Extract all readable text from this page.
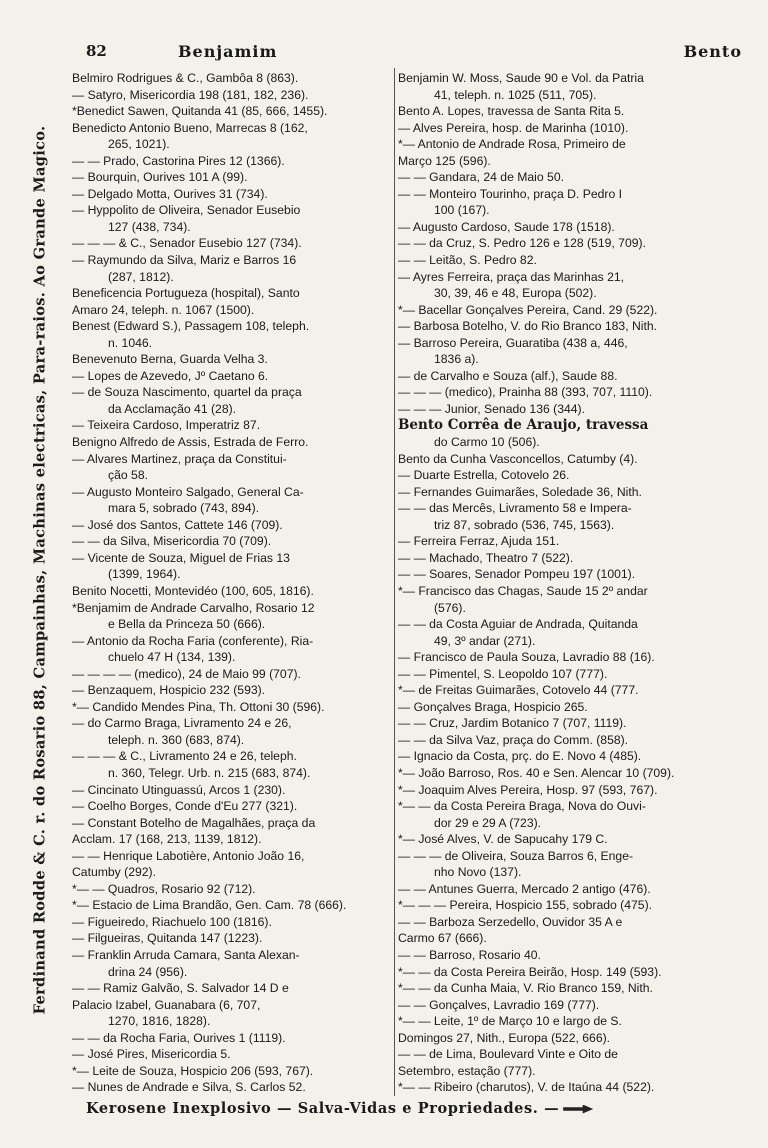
Ferdinand Rodde & C. r. do Rosario 88, Campainhas, Machinas electricas, Para-raios. Ao Grande Magico.
82	Benjamim	Bento
Belmiro Rodrigues & C., Gambôa 8 (863).
— Satyro, Misericordia 198 (181, 182, 236).
*Benedict Sawen, Quitanda 41 (85, 666, 1455).
Benedicto Antonio Bueno, Marrecas 8 (162,
265, 1021).
— — Prado, Castorina Pires 12 (1366).
— Bourquin, Ourives 101 A (99).
— Delgado Motta, Ourives 31 (734).
— Hyppolito de Oliveira, Senador Eusebio
127 (438, 734).
— — — & C., Senador Eusebio 127 (734).
— Raymundo da Silva, Mariz e Barros 16
(287, 1812).
Beneficencia Portugueza (hospital), Santo
Amaro 24, teleph. n. 1067 (1500).
Benest (Edward S.), Passagem 108, teleph.
n. 1046.
Benevenuto Berna, Guarda Velha 3.
— Lopes de Azevedo, Jº Caetano 6.
— de Souza Nascimento, quartel da praça
da Acclamação 41 (28).
— Teixeira Cardoso, Imperatriz 87.
Benigno Alfredo de Assis, Estrada de Ferro.
— Alvares Martinez, praça da Constitui-
ção 58.
— Augusto Monteiro Salgado, General Ca-
mara 5, sobrado (743, 894).
— José dos Santos, Cattete 146 (709).
— — da Silva, Misericordia 70 (709).
— Vicente de Souza, Miguel de Frias 13
(1399, 1964).
Benito Nocetti, Montevidéo (100, 605, 1816).
*Benjamim de Andrade Carvalho, Rosario 12
e Bella da Princeza 50 (666).
— Antonio da Rocha Faria (conferente), Ria-
chuelo 47 H (134, 139).
— — — — (medico), 24 de Maio 99 (707).
— Benzaquem, Hospicio 232 (593).
*— Candido Mendes Pina, Th. Ottoni 30 (596).
— do Carmo Braga, Livramento 24 e 26,
teleph. n. 360 (683, 874).
— — — & C., Livramento 24 e 26, teleph.
n. 360, Telegr. Urb. n. 215 (683, 874).
— Cincinato Utinguassú, Arcos 1 (230).
— Coelho Borges, Conde d'Eu 277 (321).
— Constant Botelho de Magalhães, praça da
Acclam. 17 (168, 213, 1139, 1812).
— — Henrique Labotière, Antonio João 16,
Catumby (292).
*— — Quadros, Rosario 92 (712).
*— Estacio de Lima Brandão, Gen. Cam. 78 (666).
— Figueiredo, Riachuelo 100 (1816).
— Filgueiras, Quitanda 147 (1223).
— Franklin Arruda Camara, Santa Alexan-
drina 24 (956).
— — Ramiz Galvão, S. Salvador 14 D e
Palacio Izabel, Guanabara (6, 707,
1270, 1816, 1828).
— — da Rocha Faria, Ourives 1 (1119).
— José Pires, Misericordia 5.
*— Leite de Souza, Hospicio 206 (593, 767).
— Nunes de Andrade e Silva, S. Carlos 52.
Benjamin W. Moss, Saude 90 e Vol. da Patria
41, teleph. n. 1025 (511, 705).
Bento A. Lopes, travessa de Santa Rita 5.
— Alves Pereira, hosp. de Marinha (1010).
*— Antonio de Andrade Rosa, Primeiro de
Março 125 (596).
— — Gandara, 24 de Maio 50.
— — Monteiro Tourinho, praça D. Pedro I
100 (167).
— Augusto Cardoso, Saude 178 (1518).
— — da Cruz, S. Pedro 126 e 128 (519, 709).
— — Leitão, S. Pedro 82.
— Ayres Ferreira, praça das Marinhas 21,
30, 39, 46 e 48, Europa (502).
*— Bacellar Gonçalves Pereira, Cand. 29 (522).
— Barbosa Botelho, V. do Rio Branco 183, Nith.
— Barroso Pereira, Guaratiba (438 a, 446,
1836 a).
— de Carvalho e Souza (alf.), Saude 88.
— — — (medico), Prainha 88 (393, 707, 1110).
— — — Junior, Senado 136 (344).
Bento Corrêa de Araujo, travessa
do Carmo 10 (506).
Bento da Cunha Vasconcellos, Catumby (4).
— Duarte Estrella, Cotovelo 26.
— Fernandes Guimarães, Soledade 36, Nith.
— — das Mercês, Livramento 58 e Impera-
triz 87, sobrado (536, 745, 1563).
— Ferreira Ferraz, Ajuda 151.
— — Machado, Theatro 7 (522).
— — Soares, Senador Pompeu 197 (1001).
*— Francisco das Chagas, Saude 15 2º andar
(576).
— — da Costa Aguiar de Andrada, Quitanda
49, 3º andar (271).
— Francisco de Paula Souza, Lavradio 88 (16).
— — Pimentel, S. Leopoldo 107 (777).
*— de Freitas Guimarães, Cotovelo 44 (777.
— Gonçalves Braga, Hospicio 265.
— — Cruz, Jardim Botanico 7 (707, 1119).
— — da Silva Vaz, praça do Comm. (858).
— Ignacio da Costa, prç. do E. Novo 4 (485).
*— João Barroso, Ros. 40 e Sen. Alencar 10 (709).
*— Joaquim Alves Pereira, Hosp. 97 (593, 767).
*— — da Costa Pereira Braga, Nova do Ouvi-
dor 29 e 29 A (723).
*— José Alves, V. de Sapucahy 179 C.
— — — de Oliveira, Souza Barros 6, Enge-
nho Novo (137).
— — Antunes Guerra, Mercado 2 antigo (476).
*— — — Pereira, Hospicio 155, sobrado (475).
— — Barboza Serzedello, Ouvidor 35 A e
Carmo 67 (666).
— — Barroso, Rosario 40.
*— — da Costa Pereira Beirão, Hosp. 149 (593).
*— — da Cunha Maia, V. Rio Branco 159, Nith.
— — Gonçalves, Lavradio 169 (777).
*— — Leite, 1º de Março 10 e largo de S.
Domingos 27, Nith., Europa (522, 666).
— — de Lima, Boulevard Vinte e Oito de
Setembro, estação (777).
*— — Ribeiro (charutos), V. de Itaúna 44 (522).
Kerosene Inexplosivo — Salva-Vidas e Propriedades. —
